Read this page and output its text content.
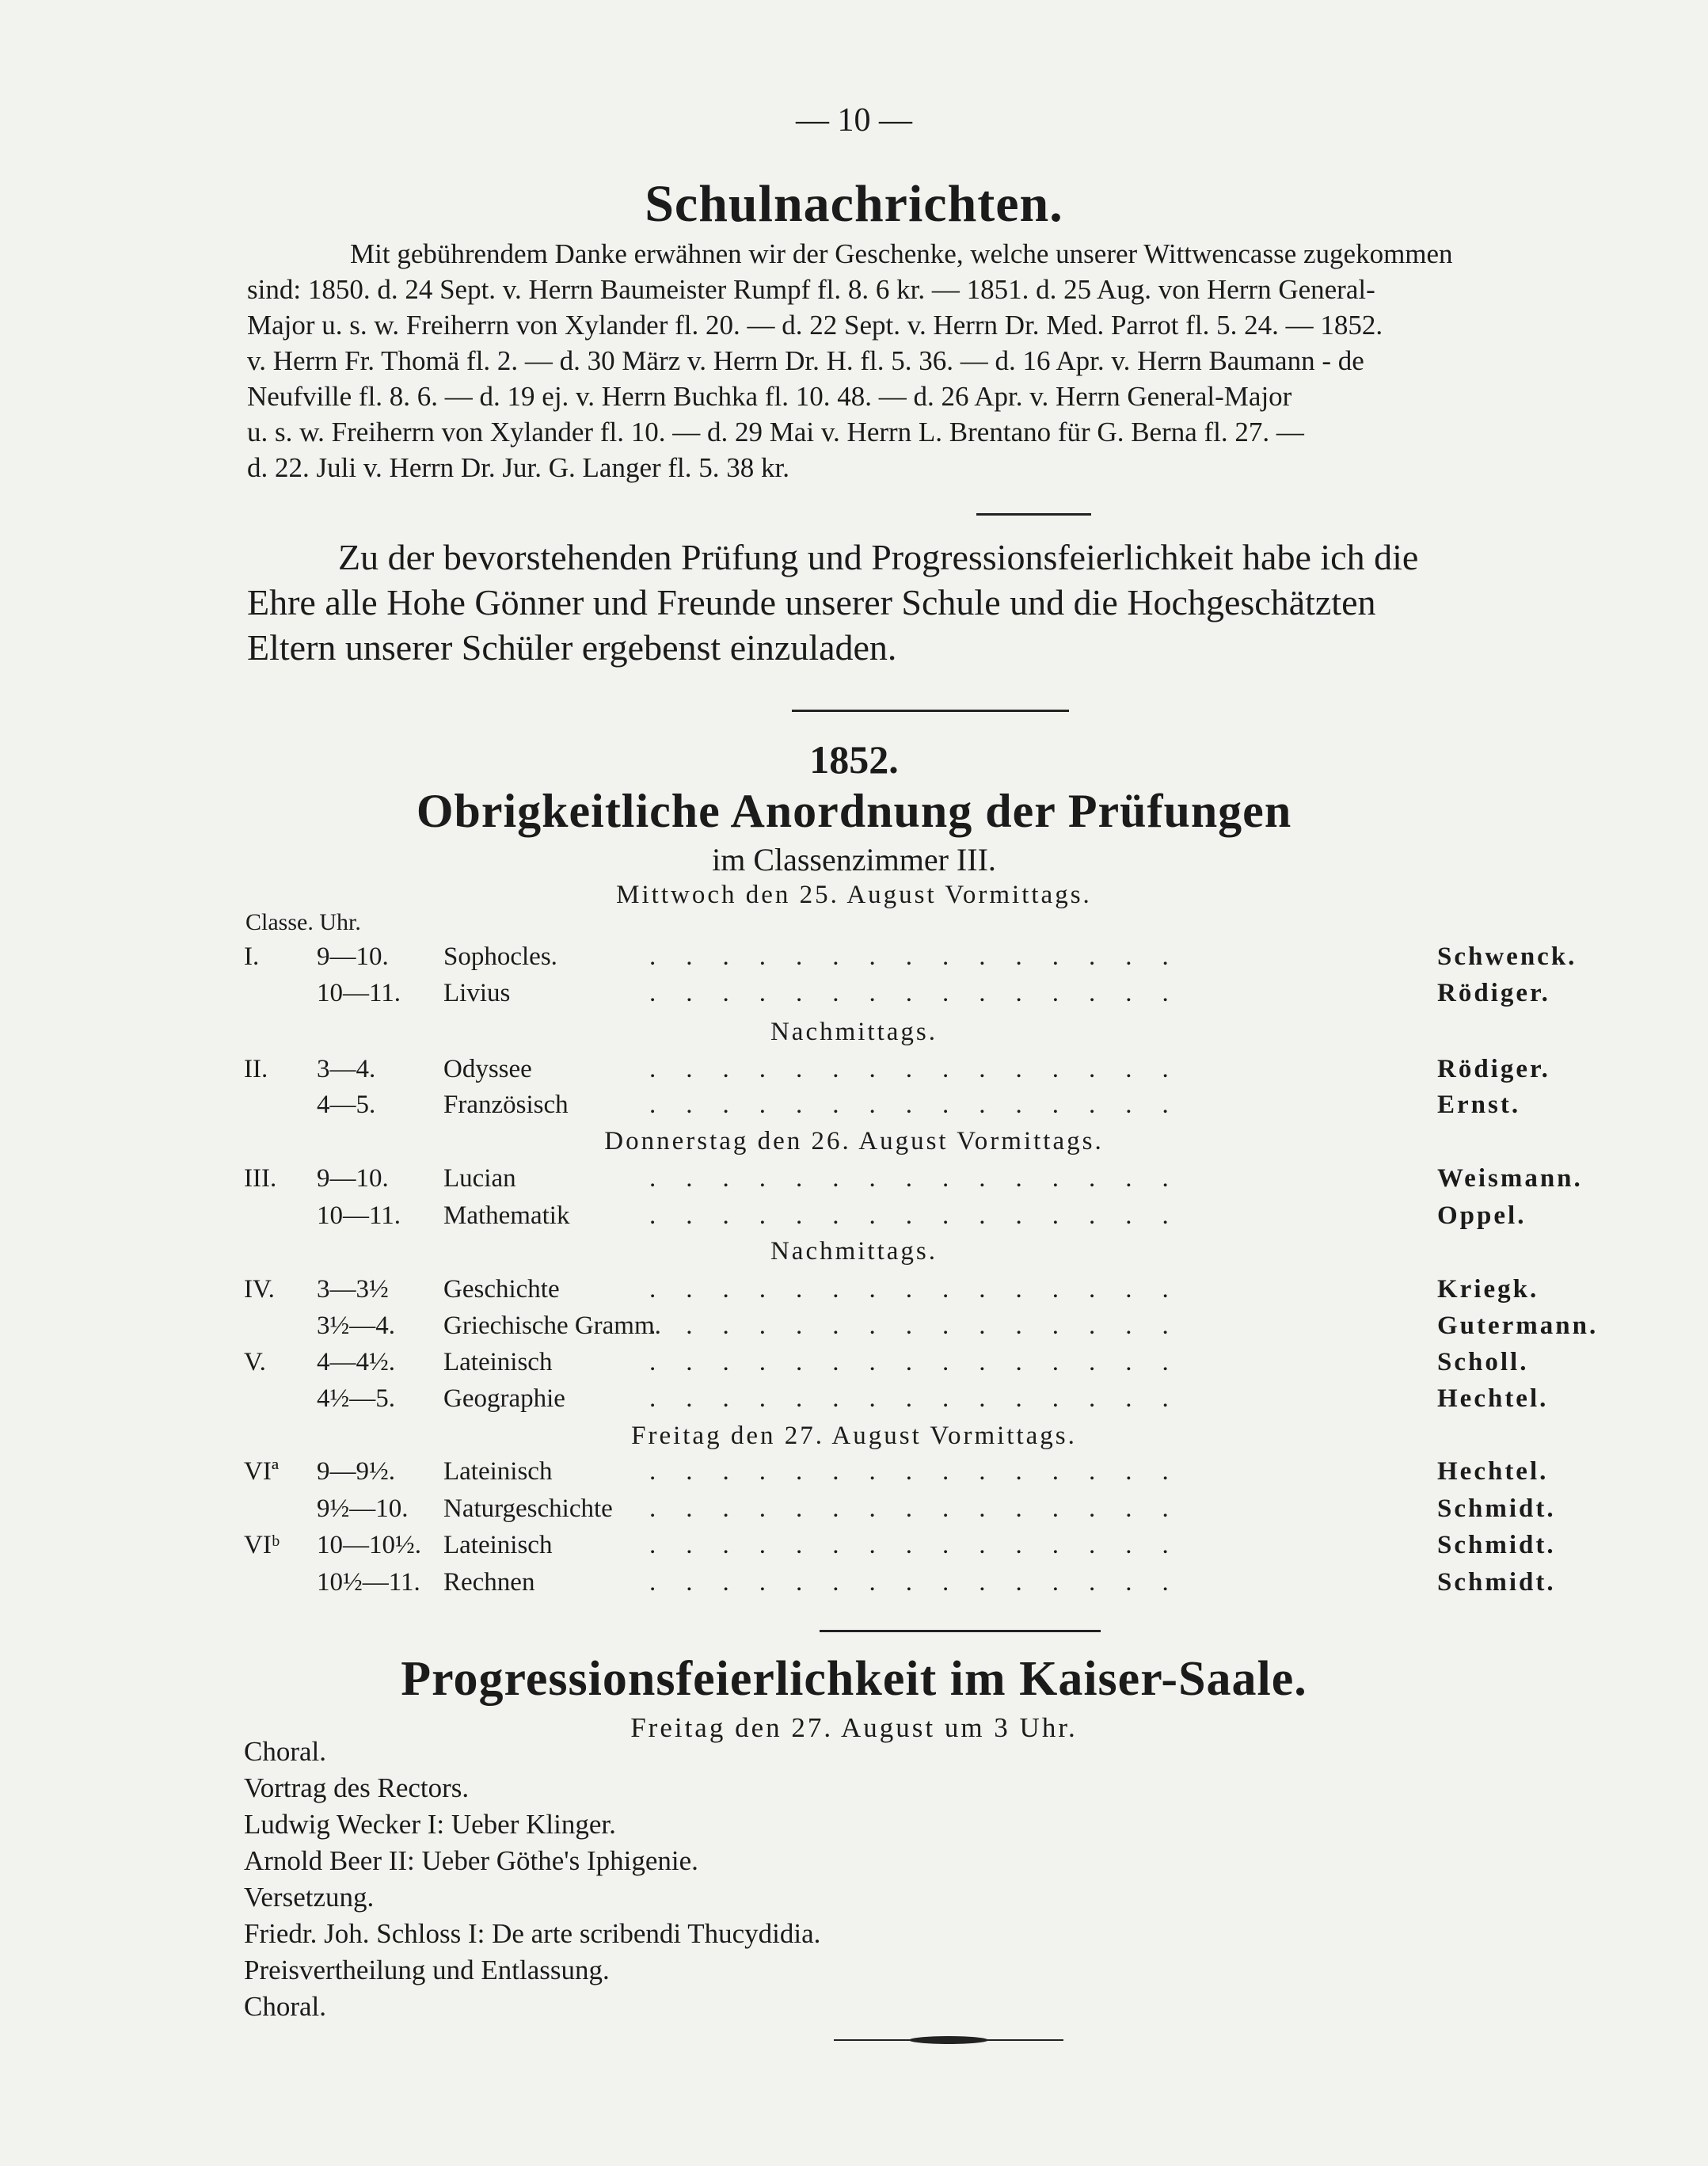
— 10 —
Schulnachrichten.

Mit gebührendem Danke erwähnen wir der Geschenke, welche unserer Wittwencasse zugekommen

sind: 1850. d. 24 Sept. v. Herrn Baumeister Rumpf fl. 8. 6 kr. — 1851. d. 25 Aug. von Herrn General-

Major u. s. w. Freiherrn von Xylander fl. 20. — d. 22 Sept. v. Herrn Dr. Med. Parrot fl. 5. 24. — 1852.

v. Herrn Fr. Thomä fl. 2. — d. 30 März v. Herrn Dr. H. fl. 5. 36. — d. 16 Apr. v. Herrn Baumann - de

Neufville fl. 8. 6. — d. 19 ej. v. Herrn Buchka fl. 10. 48. — d. 26 Apr. v. Herrn General-Major

u. s. w. Freiherrn von Xylander fl. 10. — d. 29 Mai v. Herrn L. Brentano für G. Berna fl. 27. —

d. 22. Juli v. Herrn Dr. Jur. G. Langer fl. 5. 38 kr.

Zu der bevorstehenden Prüfung und Progressionsfeierlichkeit habe ich die
Ehre alle Hohe Gönner und Freunde unserer Schule und die Hochgeschätzten
Eltern unserer Schüler ergebenst einzuladen.
1852.
Obrigkeitliche Anordnung der Prüfungen
im Classenzimmer III.
Classe. Uhr.
Mittwoch den 25. August Vormittags.
I. 9—10. Sophocles.	...............	Schwenck.
10—11. Livius	...............	Rödiger.
Nachmittags.
II. 3—4.	Odyssee	...............	Rödiger.
4—5.	Französisch	...............	Ernst.
Donnerstag den 26. August Vormittags.
III. 9—10. Lucian	...............	Weismann.
10—11. Mathematik	...............	Oppel.
Nachmittags.
IV. 3—3½ Geschichte	...............	Kriegk.
3½—4. Griechische Gramm.
...............	Gutermann.
V. 4—4½. Lateinisch	...............	Scholl.
4½—5. Geographie	...............	Hechtel.
Freitag den 27. August Vormittags.
VIª 9—9½. Lateinisch	...............	Hechtel.
9½—10. Naturgeschichte ...............	Schmidt.
VIᵇ 10—10½. Lateinisch	...............	Schmidt.
10½—11. Rechnen	...............	Schmidt.
Progressionsfeierlichkeit im Kaiser-Saale.
Freitag den 27. August um 3 Uhr.
Choral.
Vortrag des Rectors.
Ludwig Wecker I: Ueber Klinger.
Arnold Beer II: Ueber Göthe's Iphigenie.
Versetzung.
Friedr. Joh. Schloss I: De arte scribendi Thucydidia.
Preisvertheilung und Entlassung.
Choral.
